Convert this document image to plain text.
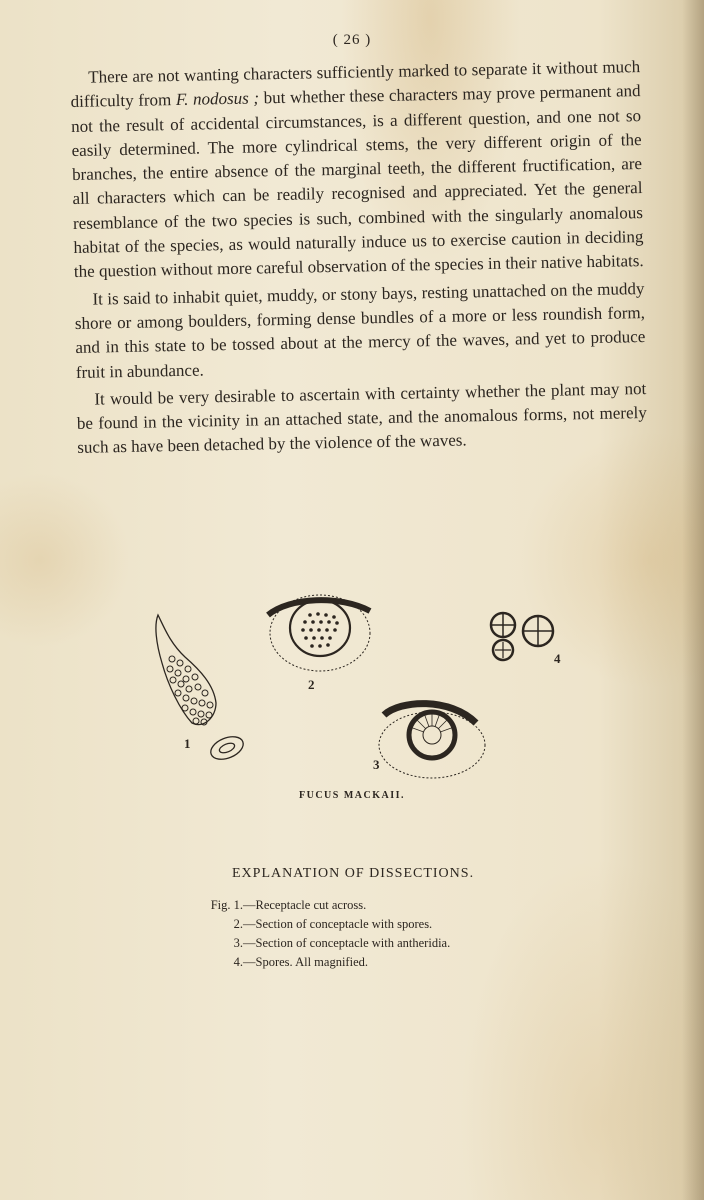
( 26 )

There are not wanting characters sufficiently marked to separate it without much difficulty from F. nodosus ; but whether these characters may prove permanent and not the result of accidental circumstances, is a different question, and one not so easily determined. The more cylindrical stems, the very different origin of the branches, the entire absence of the marginal teeth, the different fructification, are all characters which can be readily recognised and appreciated. Yet the general resemblance of the two species is such, combined with the singularly anomalous habitat of the species, as would naturally induce us to exercise caution in deciding the question without more careful observation of the species in their native habitats.

It is said to inhabit quiet, muddy, or stony bays, resting unattached on the muddy shore or among boulders, forming dense bundles of a more or less roundish form, and in this state to be tossed about at the mercy of the waves, and yet to produce fruit in abundance.

It would be very desirable to ascertain with certainty whether the plant may not be found in the vicinity in an attached state, and the anomalous forms, not merely such as have been detached by the violence of the waves.

1
2
3
4
FUCUS MACKAII.
EXPLANATION OF DISSECTIONS.
Fig. 1. —Receptacle cut across.
2. —Section of conceptacle with spores.
3. —Section of conceptacle with antheridia.
4. —Spores. All magnified.
